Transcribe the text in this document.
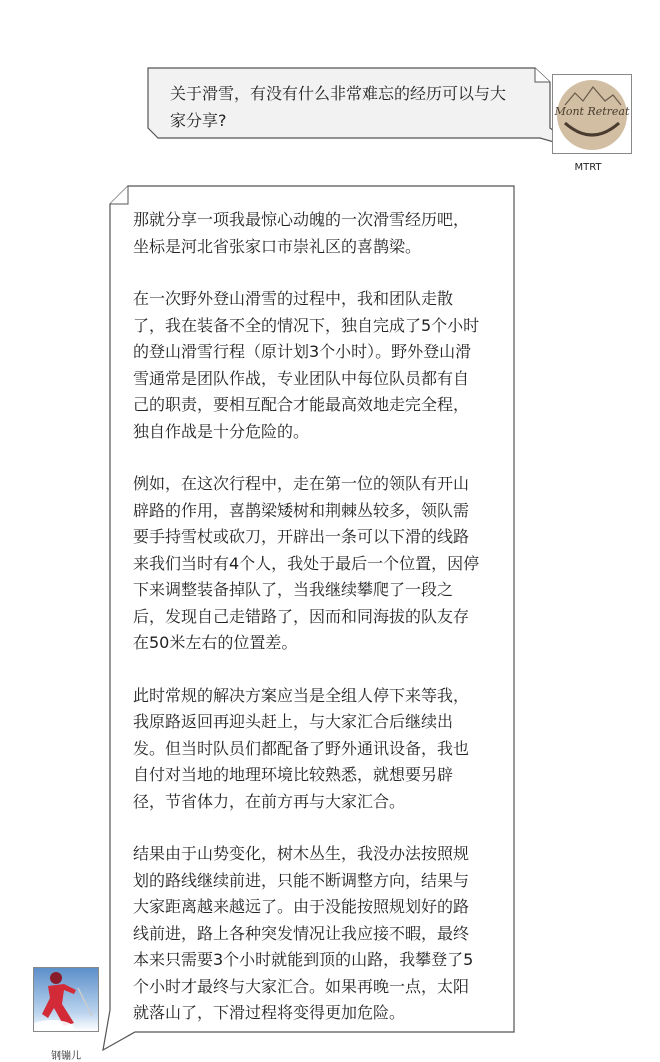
关于滑雪，有没有什么非常难忘的经历可以与大
家分享?	Mont Retreat
MTRT
那就分享一项我最惊心动魄的一次滑雪经历吧，
坐标是河北省张家口市崇礼区的喜鹊梁。
在一次野外登山滑雪的过程中，我和团队走散
了，我在装备不全的情况下，独自完成了5个小时
的登山滑雪行程（原计划3个小时）。野外登山滑
雪通常是团队作战，专业团队中每位队员都有自
己的职责，要相互配合才能最高效地走完全程，
独自作战是十分危险的。
例如，在这次行程中，走在第一位的领队有开山
辟路的作用，喜鹊梁矮树和荆棘丛较多，领队需
要手持雪杖或砍刀，开辟出一条可以下滑的线路
来我们当时有4个人，我处于最后一个位置，因停
下来调整装备掉队了，当我继续攀爬了一段之
后，发现自己走错路了，因而和同海拔的队友存
在50米左右的位置差。
此时常规的解决方案应当是全组人停下来等我，
我原路返回再迎头赶上，与大家汇合后继续出
发。但当时队员们都配备了野外通讯设备，我也
自付对当地的地理环境比较熟悉，就想要另辟
径，节省体力，在前方再与大家汇合。
结果由于山势变化，树木丛生，我没办法按照规
划的路线继续前进，只能不断调整方向，结果与
大家距离越来越远了。由于没能按照规划好的路
线前进，路上各种突发情况让我应接不暇，最终
本来只需要3个小时就能到顶的山路，我攀登了5
个小时才最终与大家汇合。如果再晚一点，太阳
就落山了，下滑过程将变得更加危险。
钢镚儿
